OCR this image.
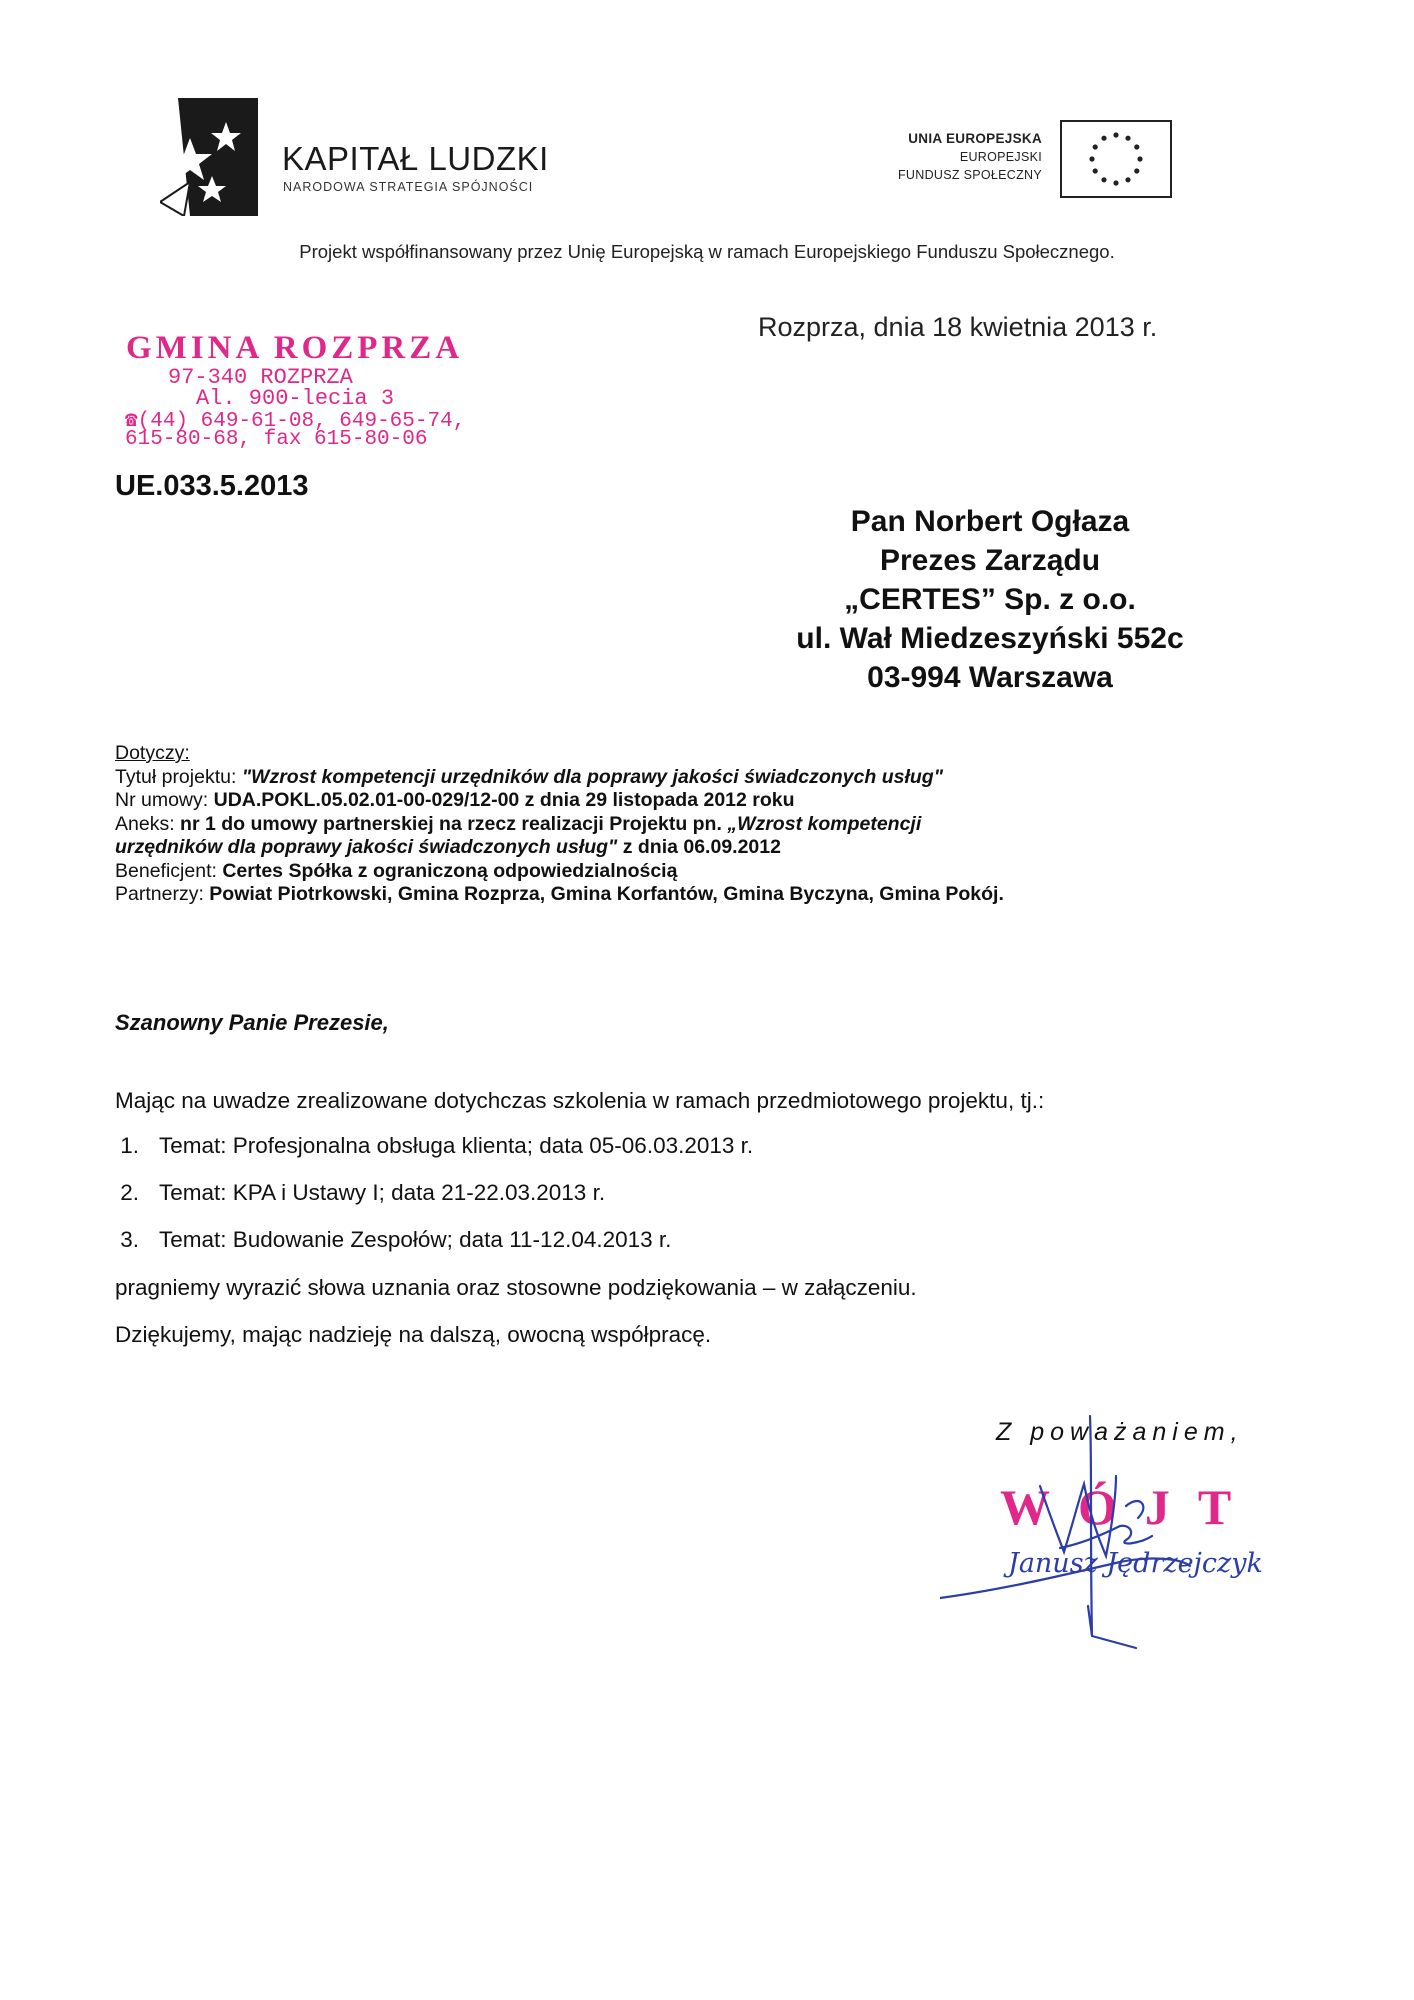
KAPITAŁ LUDZKI
NARODOWA STRATEGIA SPÓJNOŚCI
UNIA EUROPEJSKA
EUROPEJSKI
FUNDUSZ SPOŁECZNY
Projekt współfinansowany przez Unię Europejską w ramach Europejskiego Funduszu Społecznego.
GMINA ROZPRZA
97-340 ROZPRZA
Al. 900-lecia 3
☎(44) 649-61-08, 649-65-74,
615-80-68, fax 615-80-06
Rozprza, dnia 18 kwietnia 2013 r.
UE.033.5.2013
Pan Norbert Ogłaza
Prezes Zarządu
„CERTES” Sp. z o.o.
ul. Wał Miedzeszyński 552c
03-994 Warszawa
Dotyczy:
Tytuł projektu: "Wzrost kompetencji urzędników dla poprawy jakości świadczonych usług"
Nr umowy: UDA.POKL.05.02.01-00-029/12-00 z dnia 29 listopada 2012 roku
Aneks: nr 1 do umowy partnerskiej na rzecz realizacji Projektu pn. „Wzrost kompetencji
urzędników dla poprawy jakości świadczonych usług" z dnia 06.09.2012
Beneficjent: Certes Spółka z ograniczoną odpowiedzialnością
Partnerzy: Powiat Piotrkowski, Gmina Rozprza, Gmina Korfantów, Gmina Byczyna, Gmina Pokój.
Szanowny Panie Prezesie,
Mając na uwadze zrealizowane dotychczas szkolenia w ramach przedmiotowego projektu, tj.:
1. Temat: Profesjonalna obsługa klienta; data 05-06.03.2013 r.
2. Temat: KPA i Ustawy I; data 21-22.03.2013 r.
3. Temat: Budowanie Zespołów; data 11-12.04.2013 r.
pragniemy wyrazić słowa uznania oraz stosowne podziękowania – w załączeniu.
Dziękujemy, mając nadzieję na dalszą, owocną współpracę.
Z poważaniem,
WÓJT
Janusz Jędrzejczyk
